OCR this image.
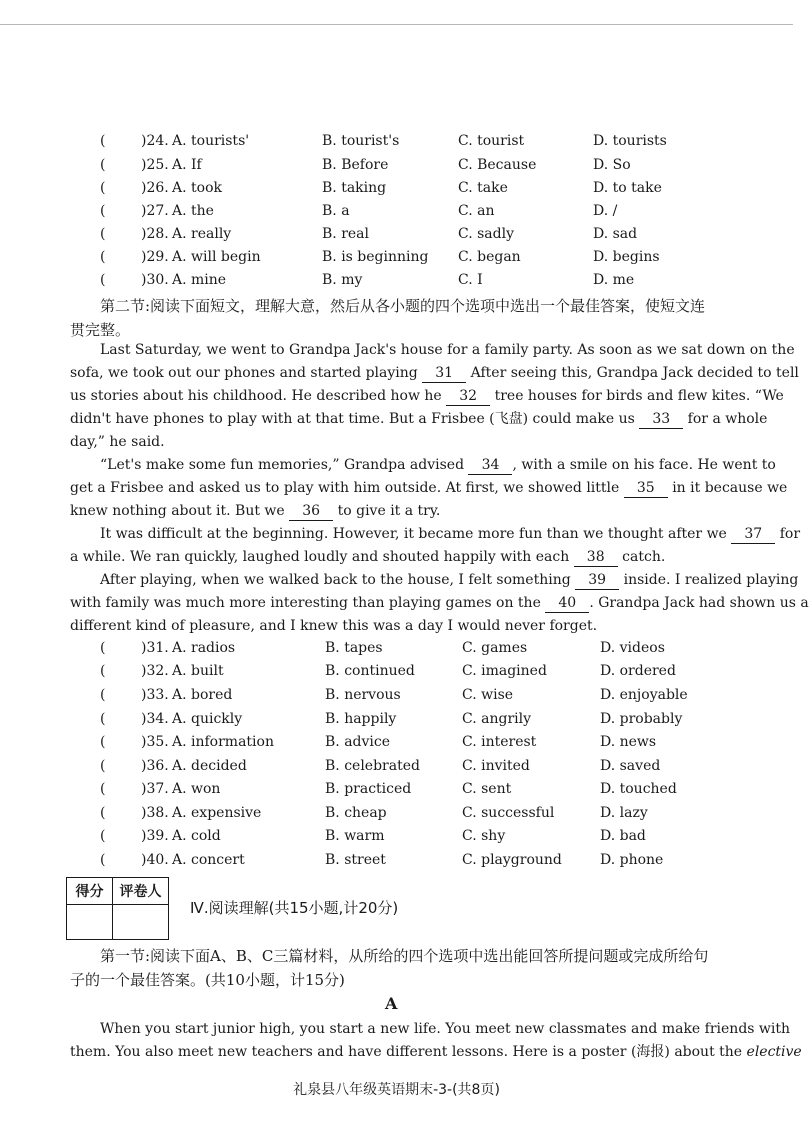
(	)24. A. tourists'	B. tourist's	C. tourist	D. tourists
(	)25. A. If	B. Before	C. Because	D. So
(	)26. A. took	B. taking	C. take	D. to take
(	)27. A. the	B. a	C. an	D. /
(	)28. A. really	B. real	C. sadly	D. sad
(	)29. A. will begin	B. is beginning C. began	D. begins
(	)30. A. mine	B. my	C. I	D. me
第二节:阅读下面短文，理解大意，然后从各小题的四个选项中选出一个最佳答案，使短文连
贯完整。
Last Saturday, we went to Grandpa Jack's house for a family party. As soon as we sat down on the
sofa, we took out our phones and started playing 31 After seeing this, Grandpa Jack decided to tell
us stories about his childhood. He described how he 32 tree houses for birds and flew kites. “We
didn't have phones to play with at that time. But a Frisbee (飞盘) could make us 33 for a whole
day,” he said.
“Let's make some fun memories,” Grandpa advised 34 , with a smile on his face. He went to
get a Frisbee and asked us to play with him outside. At first, we showed little 35 in it because we
knew nothing about it. But we 36 to give it a try.
It was difficult at the beginning. However, it became more fun than we thought after we 37 for
a while. We ran quickly, laughed loudly and shouted happily with each 38 catch.
After playing, when we walked back to the house, I felt something 39 inside. I realized playing
with family was much more interesting than playing games on the 40 . Grandpa Jack had shown us a
different kind of pleasure, and I knew this was a day I would never forget.
(	)31. A. radios	B. tapes	C. games	D. videos
(	)32. A. built	B. continued	C. imagined	D. ordered
(	)33. A. bored	B. nervous	C. wise	D. enjoyable
(	)34. A. quickly	B. happily	C. angrily	D. probably
(	)35. A. information	B. advice	C. interest	D. news
(	)36. A. decided	B. celebrated	C. invited	D. saved
(	)37. A. won	B. practiced	C. sent	D. touched
(	)38. A. expensive	B. cheap	C. successful	D. lazy
(	)39. A. cold	B. warm	C. shy	D. bad
(	)40. A. concert	B. street	C. playground	D. phone
得分	评卷人

Ⅳ.阅读理解(共15小题,计20分)
第一节:阅读下面A、B、C三篇材料，从所给的四个选项中选出能回答所提问题或完成所给句
子的一个最佳答案。(共10小题，计15分)
A
When you start junior high, you start a new life. You meet new classmates and make friends with
them. You also meet new teachers and have different lessons. Here is a poster (海报) about the elective
礼泉县八年级英语期末-3-(共8页)
